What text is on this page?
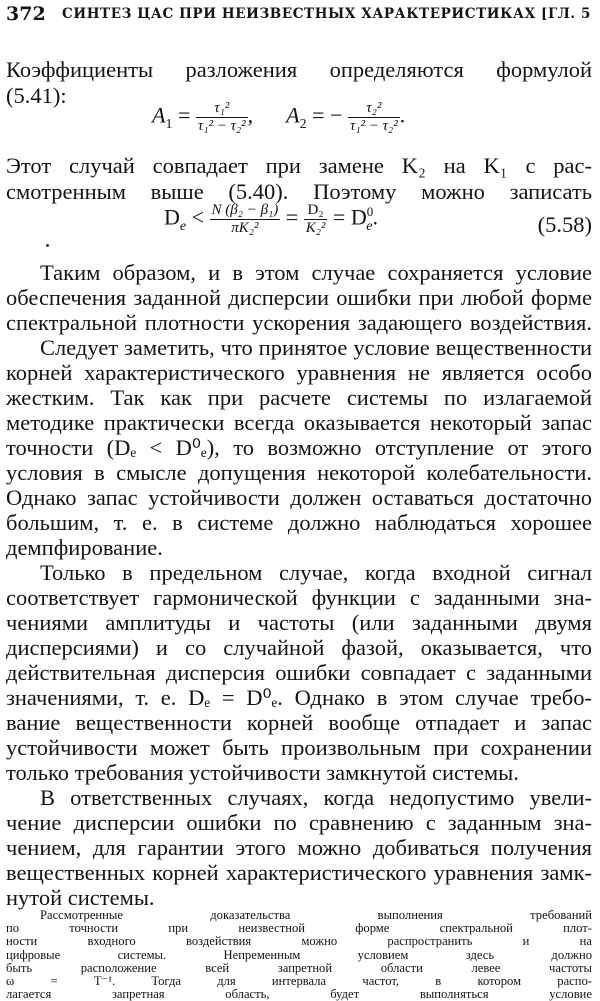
372 СИНТЕЗ ЦАС ПРИ НЕИЗВЕСТНЫХ ХАРАКТЕРИСТИКАХ [ГЛ. 5
Коэффициенты разложения определяются формулой
(5.41):
$A_1 = \frac{\text{τ₁²}}{\text{τ₁² − τ₂²}}$ , $A_2$ = − $\frac{\text{τ₂²}}{\text{τ₁² − τ₂²}}$ .
Этот случай совпадает при замене K₂ на K₁ с рас-
смотренным выше (5.40). Поэтому можно записать
$D_e < \frac{\text{N (β₂ − β₁)}}{\text{πK₂²}} = \frac{\text{D₂}}{\text{K₂²}} = D^0_e$.	(5.58)
Таким образом, и в этом случае сохраняется условие
обеспечения заданной дисперсии ошибки при любой форме
спектральной плотности ускорения задающего воздействия.
Следует заметить, что принятое условие вещественности
корней характеристического уравнения не является особо
жестким. Так как при расчете системы по излагаемой
методике практически всегда оказывается некоторый запас
точности (Dₑ < D⁰ₑ), то возможно отступление от этого
условия в смысле допущения некоторой колебательности.
Однако запас устойчивости должен оставаться достаточно
большим, т. е. в системе должно наблюдаться хорошее
демпфирование.
Только в предельном случае, когда входной сигнал
соответствует гармонической функции с заданными зна-
чениями амплитуды и частоты (или заданными двумя
дисперсиями) и со случайной фазой, оказывается, что
действительная дисперсия ошибки совпадает с заданными
значениями, т. е. Dₑ = D⁰ₑ. Однако в этом случае требо-
вание вещественности корней вообще отпадает и запас
устойчивости может быть произвольным при сохранении
только требования устойчивости замкнутой системы.
В ответственных случаях, когда недопустимо увели-
чение дисперсии ошибки по сравнению с заданным зна-
чением, для гарантии этого можно добиваться получения
вещественных корней характеристического уравнения замк-
нутой системы.
Рассмотренные доказательства выполнения требований
по точности при неизвестной форме спектральной плот-
ности входного воздействия можно распространить и на
цифровые системы. Непременным условием здесь должно
быть расположение всей запретной области левее частоты
ω = T⁻¹. Тогда для интервала частот, в котором распо-
лагается запретная область, будет выполняться условие
